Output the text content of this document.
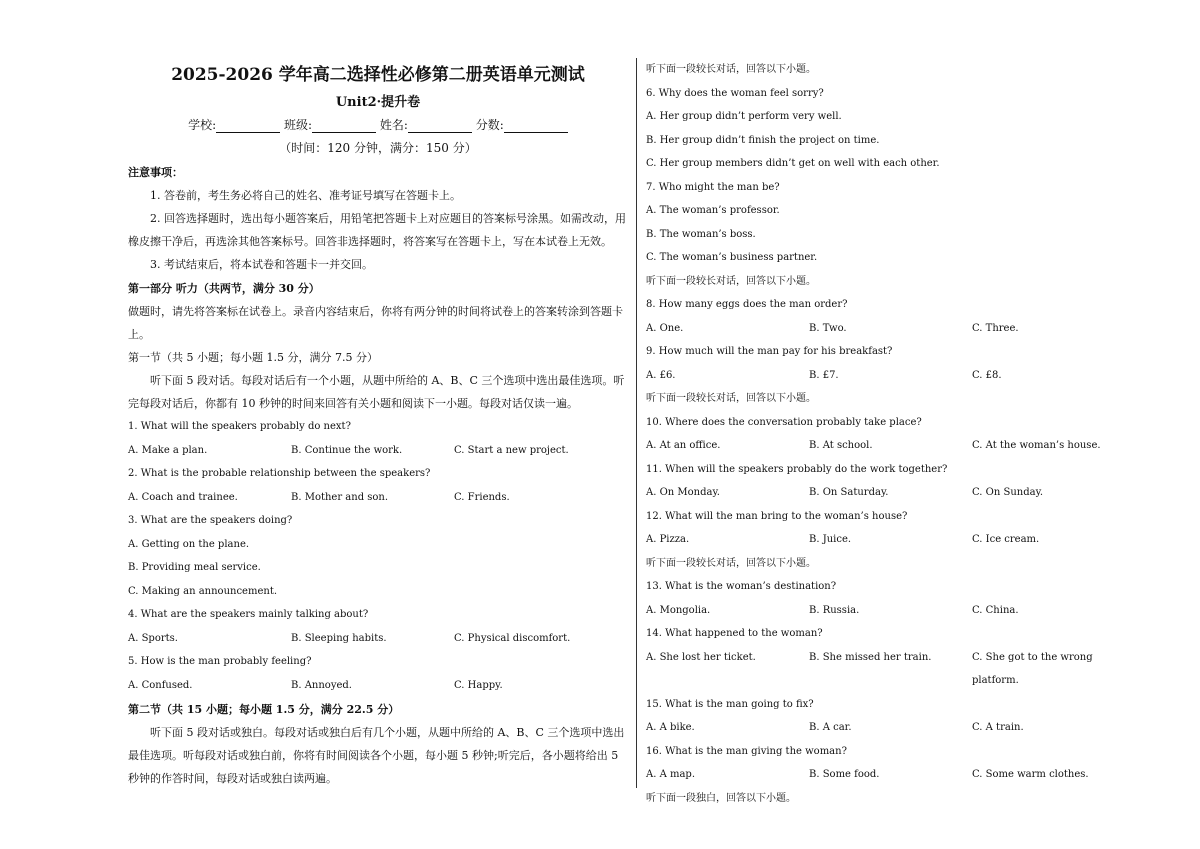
2025-2026 学年高二选择性必修第二册英语单元测试
Unit2·提升卷
学校:	班级:	姓名:	分数:
（时间：120 分钟，满分：150 分）
注意事项：

1. 答卷前，考生务必将自己的姓名、准考证号填写在答题卡上。

2. 回答选择题时，选出每小题答案后，用铅笔把答题卡上对应题目的答案标号涂黑。如需改动，用橡皮擦干净后，再选涂其他答案标号。回答非选择题时，将答案写在答题卡上，写在本试卷上无效。

3. 考试结束后，将本试卷和答题卡一并交回。

第一部分 听力（共两节，满分 30 分）

做题时，请先将答案标在试卷上。录音内容结束后，你将有两分钟的时间将试卷上的答案转涂到答题卡上。

第一节（共 5 小题；每小题 1.5 分，满分 7.5 分）

听下面 5 段对话。每段对话后有一个小题，从题中所给的 A、B、C 三个选项中选出最佳选项。听完每段对话后，你都有 10 秒钟的时间来回答有关小题和阅读下一小题。每段对话仅读一遍。

1. What will the speakers probably do next?

A. Make a plan.	B. Continue the work.	C. Start a new project.

2. What is the probable relationship between the speakers?

A. Coach and trainee.	B. Mother and son.	C. Friends.

3. What are the speakers doing?

A. Getting on the plane.

B. Providing meal service.

C. Making an announcement.

4. What are the speakers mainly talking about?

A. Sports.	B. Sleeping habits.	C. Physical discomfort.

5. How is the man probably feeling?

A. Confused.	B. Annoyed.	C. Happy.
第二节（共 15 小题；每小题 1.5 分，满分 22.5 分）

听下面 5 段对话或独白。每段对话或独白后有几个小题，从题中所给的 A、B、C 三个选项中选出最佳选项。听每段对话或独白前，你将有时间阅读各个小题，每小题 5 秒钟;听完后，各小题将给出 5 秒钟的作答时间，每段对话或独白读两遍。

听下面一段较长对话，回答以下小题。

6. Why does the woman feel sorry?

A. Her group didn’t perform very well.

B. Her group didn’t finish the project on time.

C. Her group members didn’t get on well with each other.

7. Who might the man be?

A. The woman’s professor.

B. The woman’s boss.

C. The woman’s business partner.

听下面一段较长对话，回答以下小题。

8. How many eggs does the man order?

A. One.	B. Two.	C. Three.

9. How much will the man pay for his breakfast?

A. £6.	B. £7.	C. £8.

听下面一段较长对话，回答以下小题。

10. Where does the conversation probably take place?

A. At an office.	B. At school.	C. At the woman’s house.

11. When will the speakers probably do the work together?

A. On Monday.	B. On Saturday.	C. On Sunday.

12. What will the man bring to the woman’s house?

A. Pizza.	B. Juice.	C. Ice cream.

听下面一段较长对话，回答以下小题。

13. What is the woman’s destination?

A. Mongolia.	B. Russia.	C. China.

14. What happened to the woman?

A. She lost her ticket.	B. She missed her train.	C. She got to the wrong platform.

15. What is the man going to fix?

A. A bike.	B. A car.	C. A train.

16. What is the man giving the woman?

A. A map.	B. Some food.	C. Some warm clothes.

听下面一段独白，回答以下小题。
